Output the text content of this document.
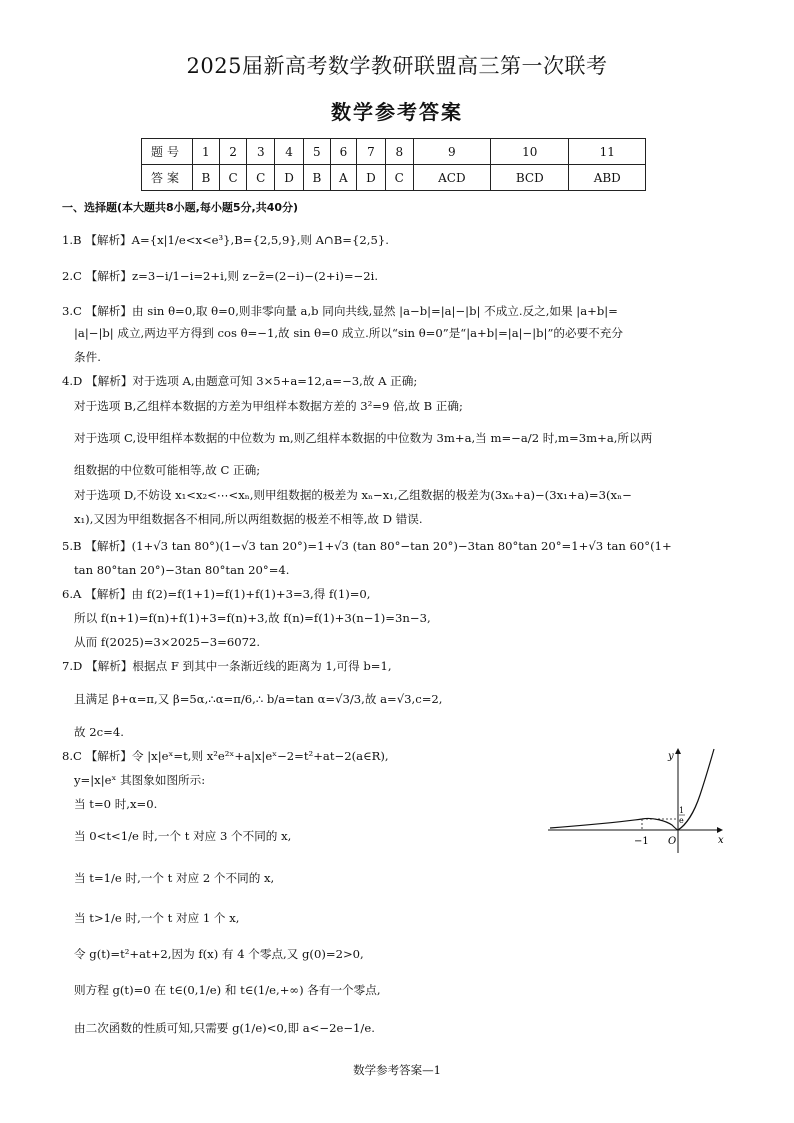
2025届新高考数学教研联盟高三第一次联考
数学参考答案
题号	1	2	3	4	5	6	7	8	9	10	11
答案	B	C	C	D	B	A	D	C	ACD	BCD	ABD
一、选择题(本大题共8小题,每小题5分,共40分)
1.B 【解析】A={x|1/e<x<e³},B={2,5,9},则 A∩B={2,5}.
2.C 【解析】z=3−i/1−i=2+i,则 z−z̄=(2−i)−(2+i)=−2i.
3.C 【解析】由 sin θ=0,取 θ=0,则非零向量 a,b 同向共线,显然 |a−b|=|a|−|b| 不成立.反之,如果 |a+b|=
|a|−|b| 成立,两边平方得到 cos θ=−1,故 sin θ=0 成立.所以“sin θ=0”是“|a+b|=|a|−|b|”的必要不充分
条件.
4.D 【解析】对于选项 A,由题意可知 3×5+a=12,a=−3,故 A 正确;
对于选项 B,乙组样本数据的方差为甲组样本数据方差的 3²=9 倍,故 B 正确;
对于选项 C,设甲组样本数据的中位数为 m,则乙组样本数据的中位数为 3m+a,当 m=−a/2 时,m=3m+a,所以两
组数据的中位数可能相等,故 C 正确;
对于选项 D,不妨设 x₁<x₂<⋯<xₙ,则甲组数据的极差为 xₙ−x₁,乙组数据的极差为(3xₙ+a)−(3x₁+a)=3(xₙ−
x₁),又因为甲组数据各不相同,所以两组数据的极差不相等,故 D 错误.
5.B 【解析】(1+√3 tan 80°)(1−√3 tan 20°)=1+√3 (tan 80°−tan 20°)−3tan 80°tan 20°=1+√3 tan 60°(1+
tan 80°tan 20°)−3tan 80°tan 20°=4.
6.A 【解析】由 f(2)=f(1+1)=f(1)+f(1)+3=3,得 f(1)=0,
所以 f(n+1)=f(n)+f(1)+3=f(n)+3,故 f(n)=f(1)+3(n−1)=3n−3,
从而 f(2025)=3×2025−3=6072.
7.D 【解析】根据点 F 到其中一条渐近线的距离为 1,可得 b=1,
且满足 β+α=π,又 β=5α,∴α=π/6,∴ b/a=tan α=√3/3,故 a=√3,c=2,
故 2c=4.
8.C 【解析】令 |x|eˣ=t,则 x²e²ˣ+a|x|eˣ−2=t²+at−2(a∈R),
y=|x|eˣ 其图象如图所示:
当 t=0 时,x=0.
当 0<t<1/e 时,一个 t 对应 3 个不同的 x,
当 t=1/e 时,一个 t 对应 2 个不同的 x,
当 t>1/e 时,一个 t 对应 1 个 x,
令 g(t)=t²+at+2,因为 f(x) 有 4 个零点,又 g(0)=2>0,
则方程 g(t)=0 在 t∈(0,1/e) 和 t∈(1/e,+∞) 各有一个零点,
由二次函数的性质可知,只需要 g(1/e)<0,即 a<−2e−1/e.
y
x
O
−1
1
e
数学参考答案—1
